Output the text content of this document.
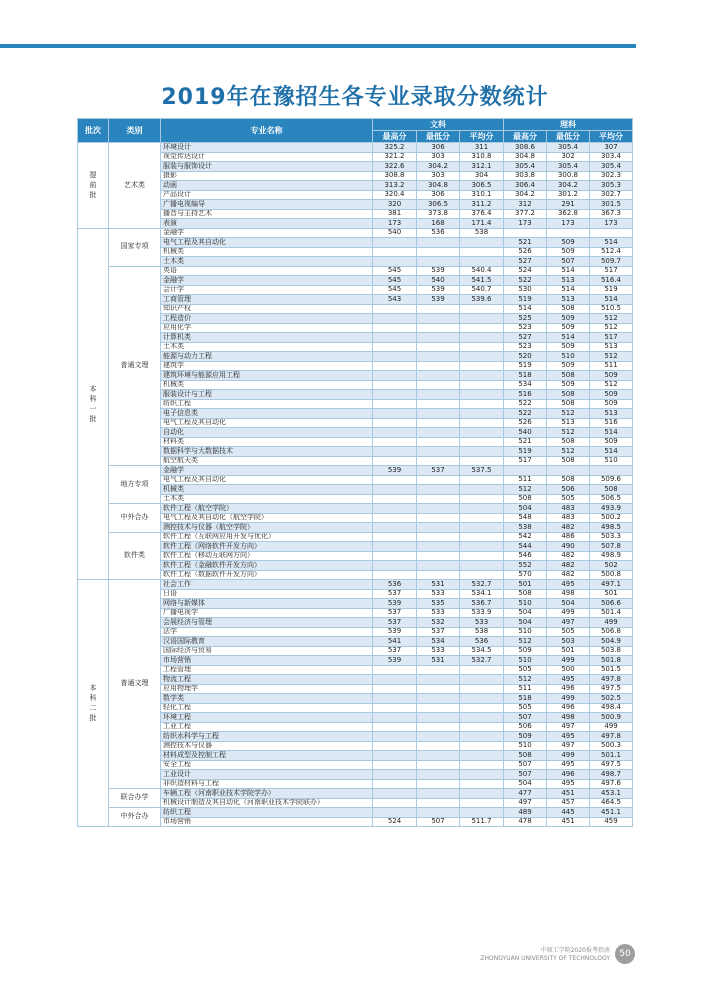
2019年在豫招生各专业录取分数统计
批次	类别	专业名称	文科			理科		
			最高分	最低分	平均分	最高分	最低分	平均分

提
前
批	艺术类	环境设计	325.2	306	311	308.6	305.4	307
		视觉传达设计	321.2	303	310.8	304.8	302	303.4
		服装与服饰设计	322.6	304.2	312.1	305.4	305.4	305.4
		摄影	308.8	303	304	303.8	300.8	302.3
		动画	313.2	304.8	306.5	306.4	304.2	305.3
		产品设计	320.4	306	310.1	304.2	301.2	302.7
		广播电视编导	320	306.5	311.2	312	291	301.5
		播音与主持艺术	381	373.8	376.4	377.2	362.8	367.3
		表演	173	168	171.4	173	173	173

本
科
一
批	国家专项	金融学	540	536	538			
		电气工程及其自动化				521	509	514
		机械类				526	509	512.4
		土木类				527	507	509.7
	普通文理	英语	545	539	540.4	524	514	517
		金融学	545	540	541.5	522	513	516.4
		会计学	545	539	540.7	530	514	519
		工商管理	543	539	539.6	519	513	514
		知识产权				514	508	510.5
		工程造价				525	509	512
		应用化学				523	509	512
		计算机类				527	514	517
		土木类				523	509	513
		能源与动力工程				520	510	512
		建筑学				519	509	511
		建筑环境与能源应用工程				518	508	509
		机械类				534	509	512
		服装设计与工程				516	508	509
		纺织工程				522	508	509
		电子信息类				522	512	513
		电气工程及其自动化				526	513	516
		自动化				540	512	514
		材料类				521	508	509
		数据科学与大数据技术				519	512	514
		航空航天类				517	508	510
	地方专项	金融学	539	537	537.5			
		电气工程及其自动化				511	508	509.6
		机械类				512	506	508
		土木类				508	505	506.5
	中外合办	软件工程（航空学院）				504	483	493.9
		电气工程及其自动化（航空学院）				548	483	500.2
		测控技术与仪器（航空学院）				538	482	498.5
	软件类	软件工程（互联网应用开发与优化）				542	486	503.3
		软件工程（网络软件开发方向）				544	490	507.8
		软件工程（移动互联网方向）				546	482	498.9
		软件工程（金融软件开发方向）				552	482	502
		软件工程（数据软件开发方向）				570	482	500.8

本
科
二
批	普通文理	社会工作	536	531	532.7	501	495	497.1
		日语	537	533	534.1	508	498	501
		网络与新媒体	539	535	536.7	510	504	506.6
		广播电视学	537	533	533.9	504	499	501.4
		会展经济与管理	537	532	533	504	497	499
		法学	539	537	538	510	505	506.8
		汉语国际教育	541	534	536	512	503	504.9
		国际经济与贸易	537	533	534.5	509	501	503.8
		市场营销	539	531	532.7	510	499	501.8
		工程管理				505	500	501.5
		物流工程				512	495	497.8
		应用物理学				511	496	497.5
		数学类				518	499	502.5
		轻化工程				505	496	498.4
		环境工程				507	498	500.9
		工业工程				506	497	499
		纺织水科学与工程				509	495	497.8
		测控技术与仪器				510	497	500.3
		材料成型及控制工程				508	499	501.1
		安全工程				507	495	497.5
		工业设计				507	496	498.7
		非织造材料与工程				504	495	497.6
	联合办学	车辆工程（河南职业技术学院学办）				477	451	453.1
		机械设计制造及其自动化（河南职业技术学院联办）				497	457	464.5
	中外合办	纺织工程				489	445	451.1
		市场营销	524	507	511.7	478	451	459
中原工学院2020报考指南
ZHONGYUAN UNIVERSITY OF TECHNOLOGY	50
